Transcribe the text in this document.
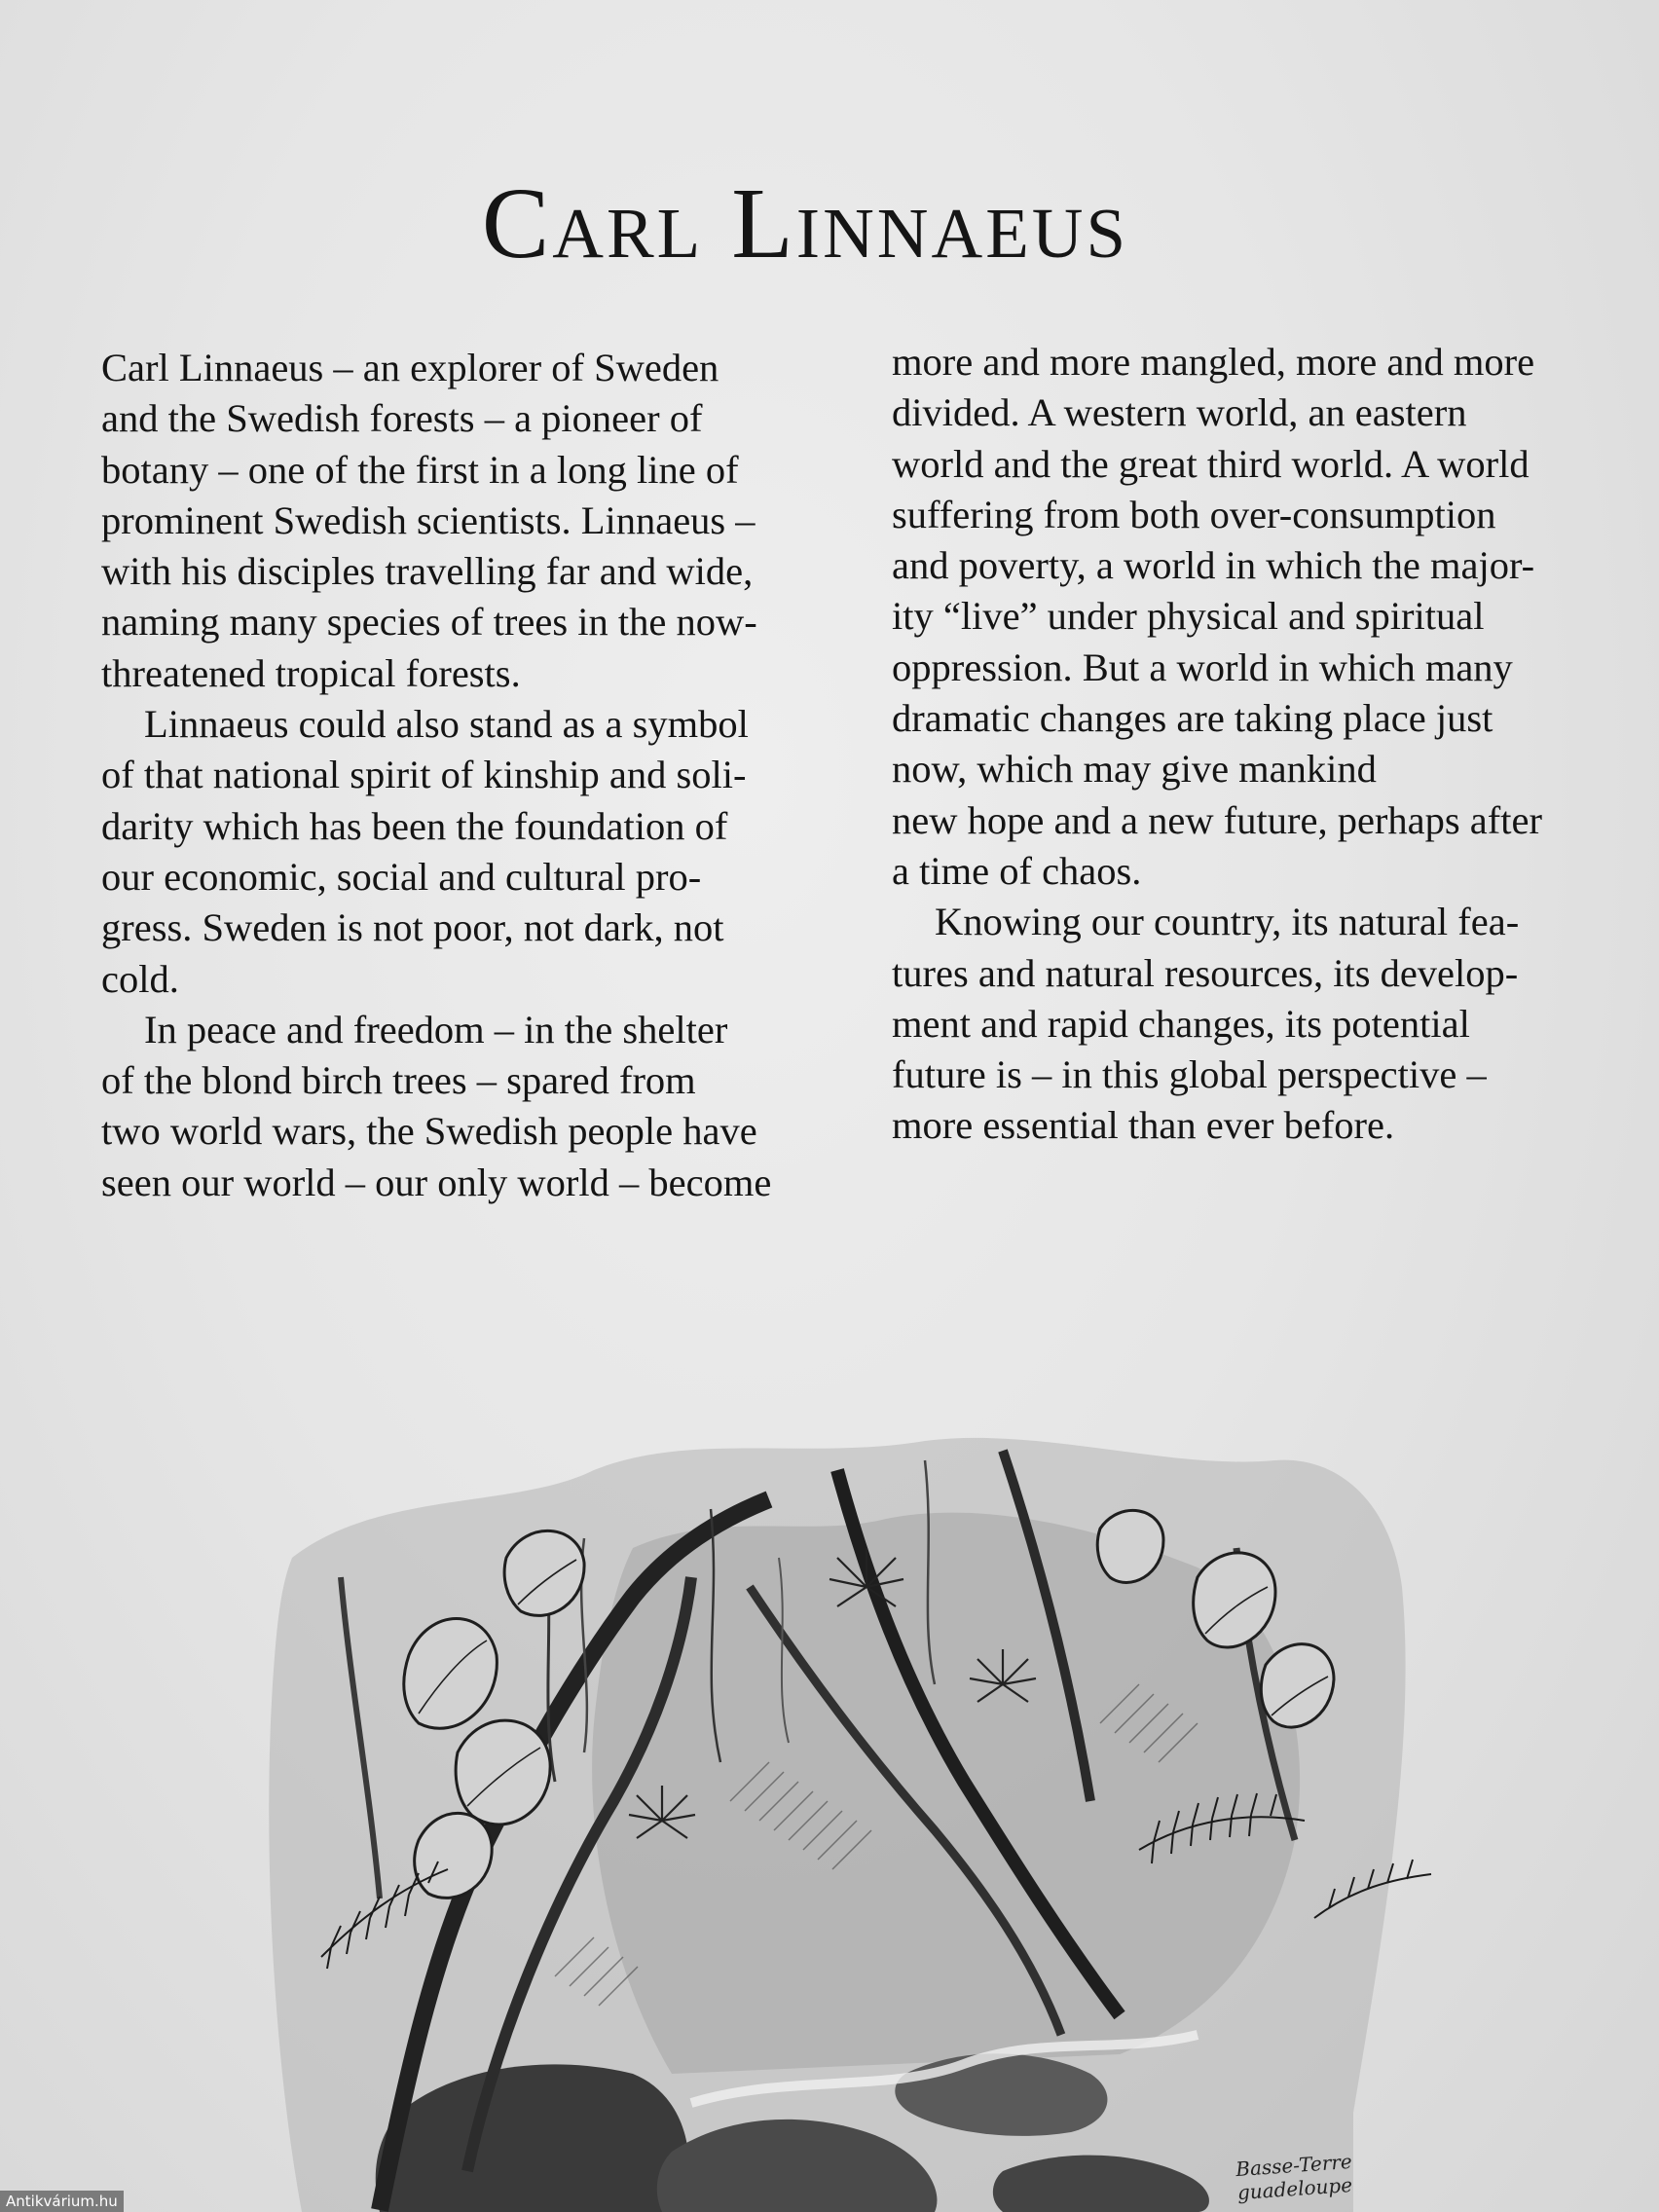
Carl Linnaeus
Carl Linnaeus – an explorer of Sweden
and the Swedish forests – a pioneer of
botany – one of the first in a long line of
prominent Swedish scientists. Linnaeus –
with his disciples travelling far and wide,
naming many species of trees in the now-
threatened tropical forests.
Linnaeus could also stand as a symbol
of that national spirit of kinship and soli-
darity which has been the foundation of
our economic, social and cultural pro-
gress. Sweden is not poor, not dark, not
cold.
In peace and freedom – in the shelter
of the blond birch trees – spared from
two world wars, the Swedish people have
seen our world – our only world – become
more and more mangled, more and more
divided. A western world, an eastern
world and the great third world. A world
suffering from both over-consumption
and poverty, a world in which the major-
ity “live” under physical and spiritual
oppression. But a world in which many
dramatic changes are taking place just
now, which may give mankind
new hope and a new future, perhaps after
a time of chaos.
Knowing our country, its natural fea-
tures and natural resources, its develop-
ment and rapid changes, its potential
future is – in this global perspective –
more essential than ever before.
Basse-Terre
guadeloupe
Antikvárium.hu
